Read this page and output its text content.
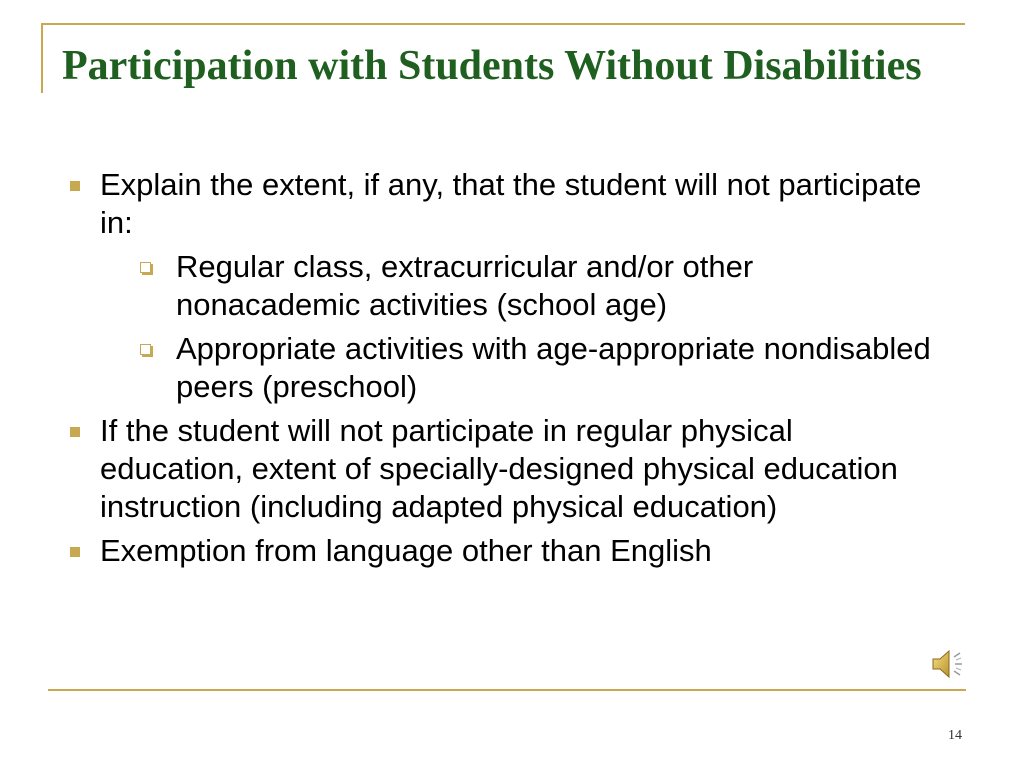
Participation with Students Without Disabilities
Explain the extent, if any, that the student will not participate in:
Regular class, extracurricular and/or other nonacademic activities (school age)
Appropriate activities with age-appropriate nondisabled peers (preschool)
If the student will not participate in regular physical education, extent of specially-designed physical education instruction (including adapted physical education)
Exemption from language other than English
14
